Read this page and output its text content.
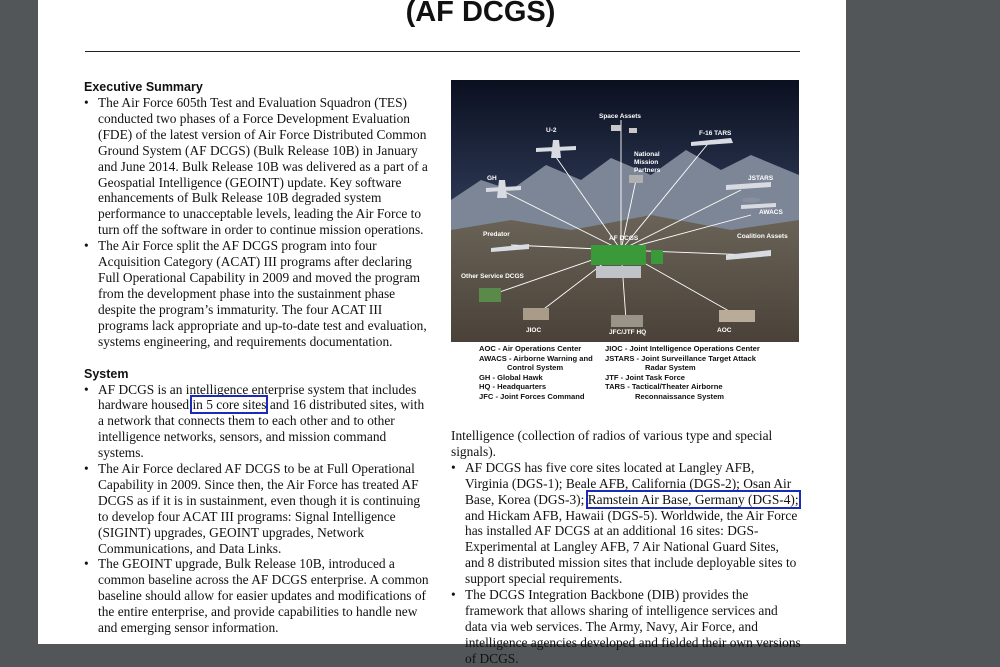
(AF DCGS)

Executive Summary

• The Air Force 605th Test and Evaluation Squadron (TES) conducted two phases of a Force Development Evaluation (FDE) of the latest version of Air Force Distributed Common Ground System (AF DCGS) (Bulk Release 10B) in January and June 2014. Bulk Release 10B was delivered as a part of a Geospatial Intelligence (GEOINT) update. Key software enhancements of Bulk Release 10B degraded system performance to unacceptable levels, leading the Air Force to turn off the software in order to continue mission operations.
• The Air Force split the AF DCGS program into four Acquisition Category (ACAT) III programs after declaring Full Operational Capability in 2009 and moved the program from the development phase into the sustainment phase despite the program’s immaturity. The four ACAT III programs lack appropriate and up-to-date test and evaluation, systems engineering, and requirements documentation.

System

• AF DCGS is an intelligence enterprise system that includes hardware housed in 5 core sites and 16 distributed sites, with a network that connects them to each other and to other intelligence networks, sensors, and mission command systems.
• The Air Force declared AF DCGS to be at Full Operational Capability in 2009. Since then, the Air Force has treated AF DCGS as if it is in sustainment, even though it is continuing to develop four ACAT III programs: Signal Intelligence (SIGINT) upgrades, GEOINT upgrades, Network Communications, and Data Links.
• The GEOINT upgrade, Bulk Release 10B, introduced a common baseline across the AF DCGS enterprise. A common baseline should allow for easier updates and modifications of the entire enterprise, and provide capabilities to handle new and emerging sensor information.
Space Assets
U-2	F-16 TARS
National
Mission
Partners
GH	JSTARS
AWACS
Predator
AF DCGS	Coalition Assets
Other Service DCGS
JIOC	JFC/JTF HQ	AOC
AOC - Air Operations Center	JIOC - Joint Intelligence Operations Center
AWACS - Airborne Warning and	JSTARS - Joint Surveillance Target Attack
Control System	Radar System
GH - Global Hawk	JTF - Joint Task Force
HQ - Headquarters	TARS - Tactical/Theater Airborne
JFC - Joint Forces Command	Reconnaissance System
Intelligence (collection of radios of various type and special signals).
• AF DCGS has five core sites located at Langley AFB, Virginia (DGS-1); Beale AFB, California (DGS-2); Osan Air Base, Korea (DGS-3); Ramstein Air Base, Germany (DGS-4); and Hickam AFB, Hawaii (DGS-5). Worldwide, the Air Force has installed AF DCGS at an additional 16 sites: DGS-Experimental at Langley AFB, 7 Air National Guard Sites, and 8 distributed mission sites that include deployable sites to support special requirements.
• The DCGS Integration Backbone (DIB) provides the framework that allows sharing of intelligence services and data via web services. The Army, Navy, Air Force, and intelligence agencies developed and fielded their own versions of DCGS.
